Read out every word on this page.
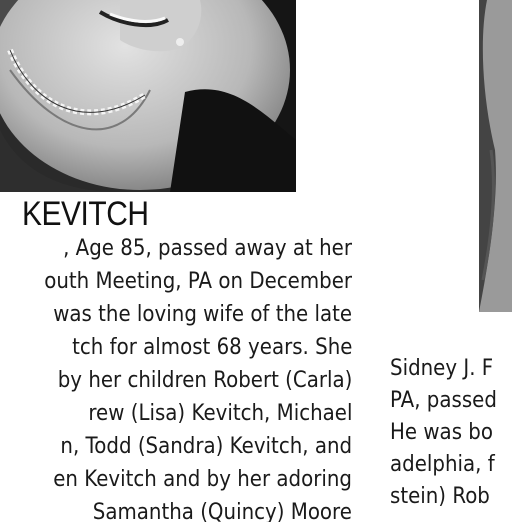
KEVITCH
, Age 85, passed away at her
outh Meeting, PA on December
was the loving wife of the late
tch for almost 68 years. She
by her children Robert (Carla)
rew (Lisa) Kevitch, Michael
n, Todd (Sandra) Kevitch, and
en Kevitch and by her adoring
Samantha (Quincy) Moore
Sidney J. F
PA, passed
He was bo
adelphia, f
stein) Rob
